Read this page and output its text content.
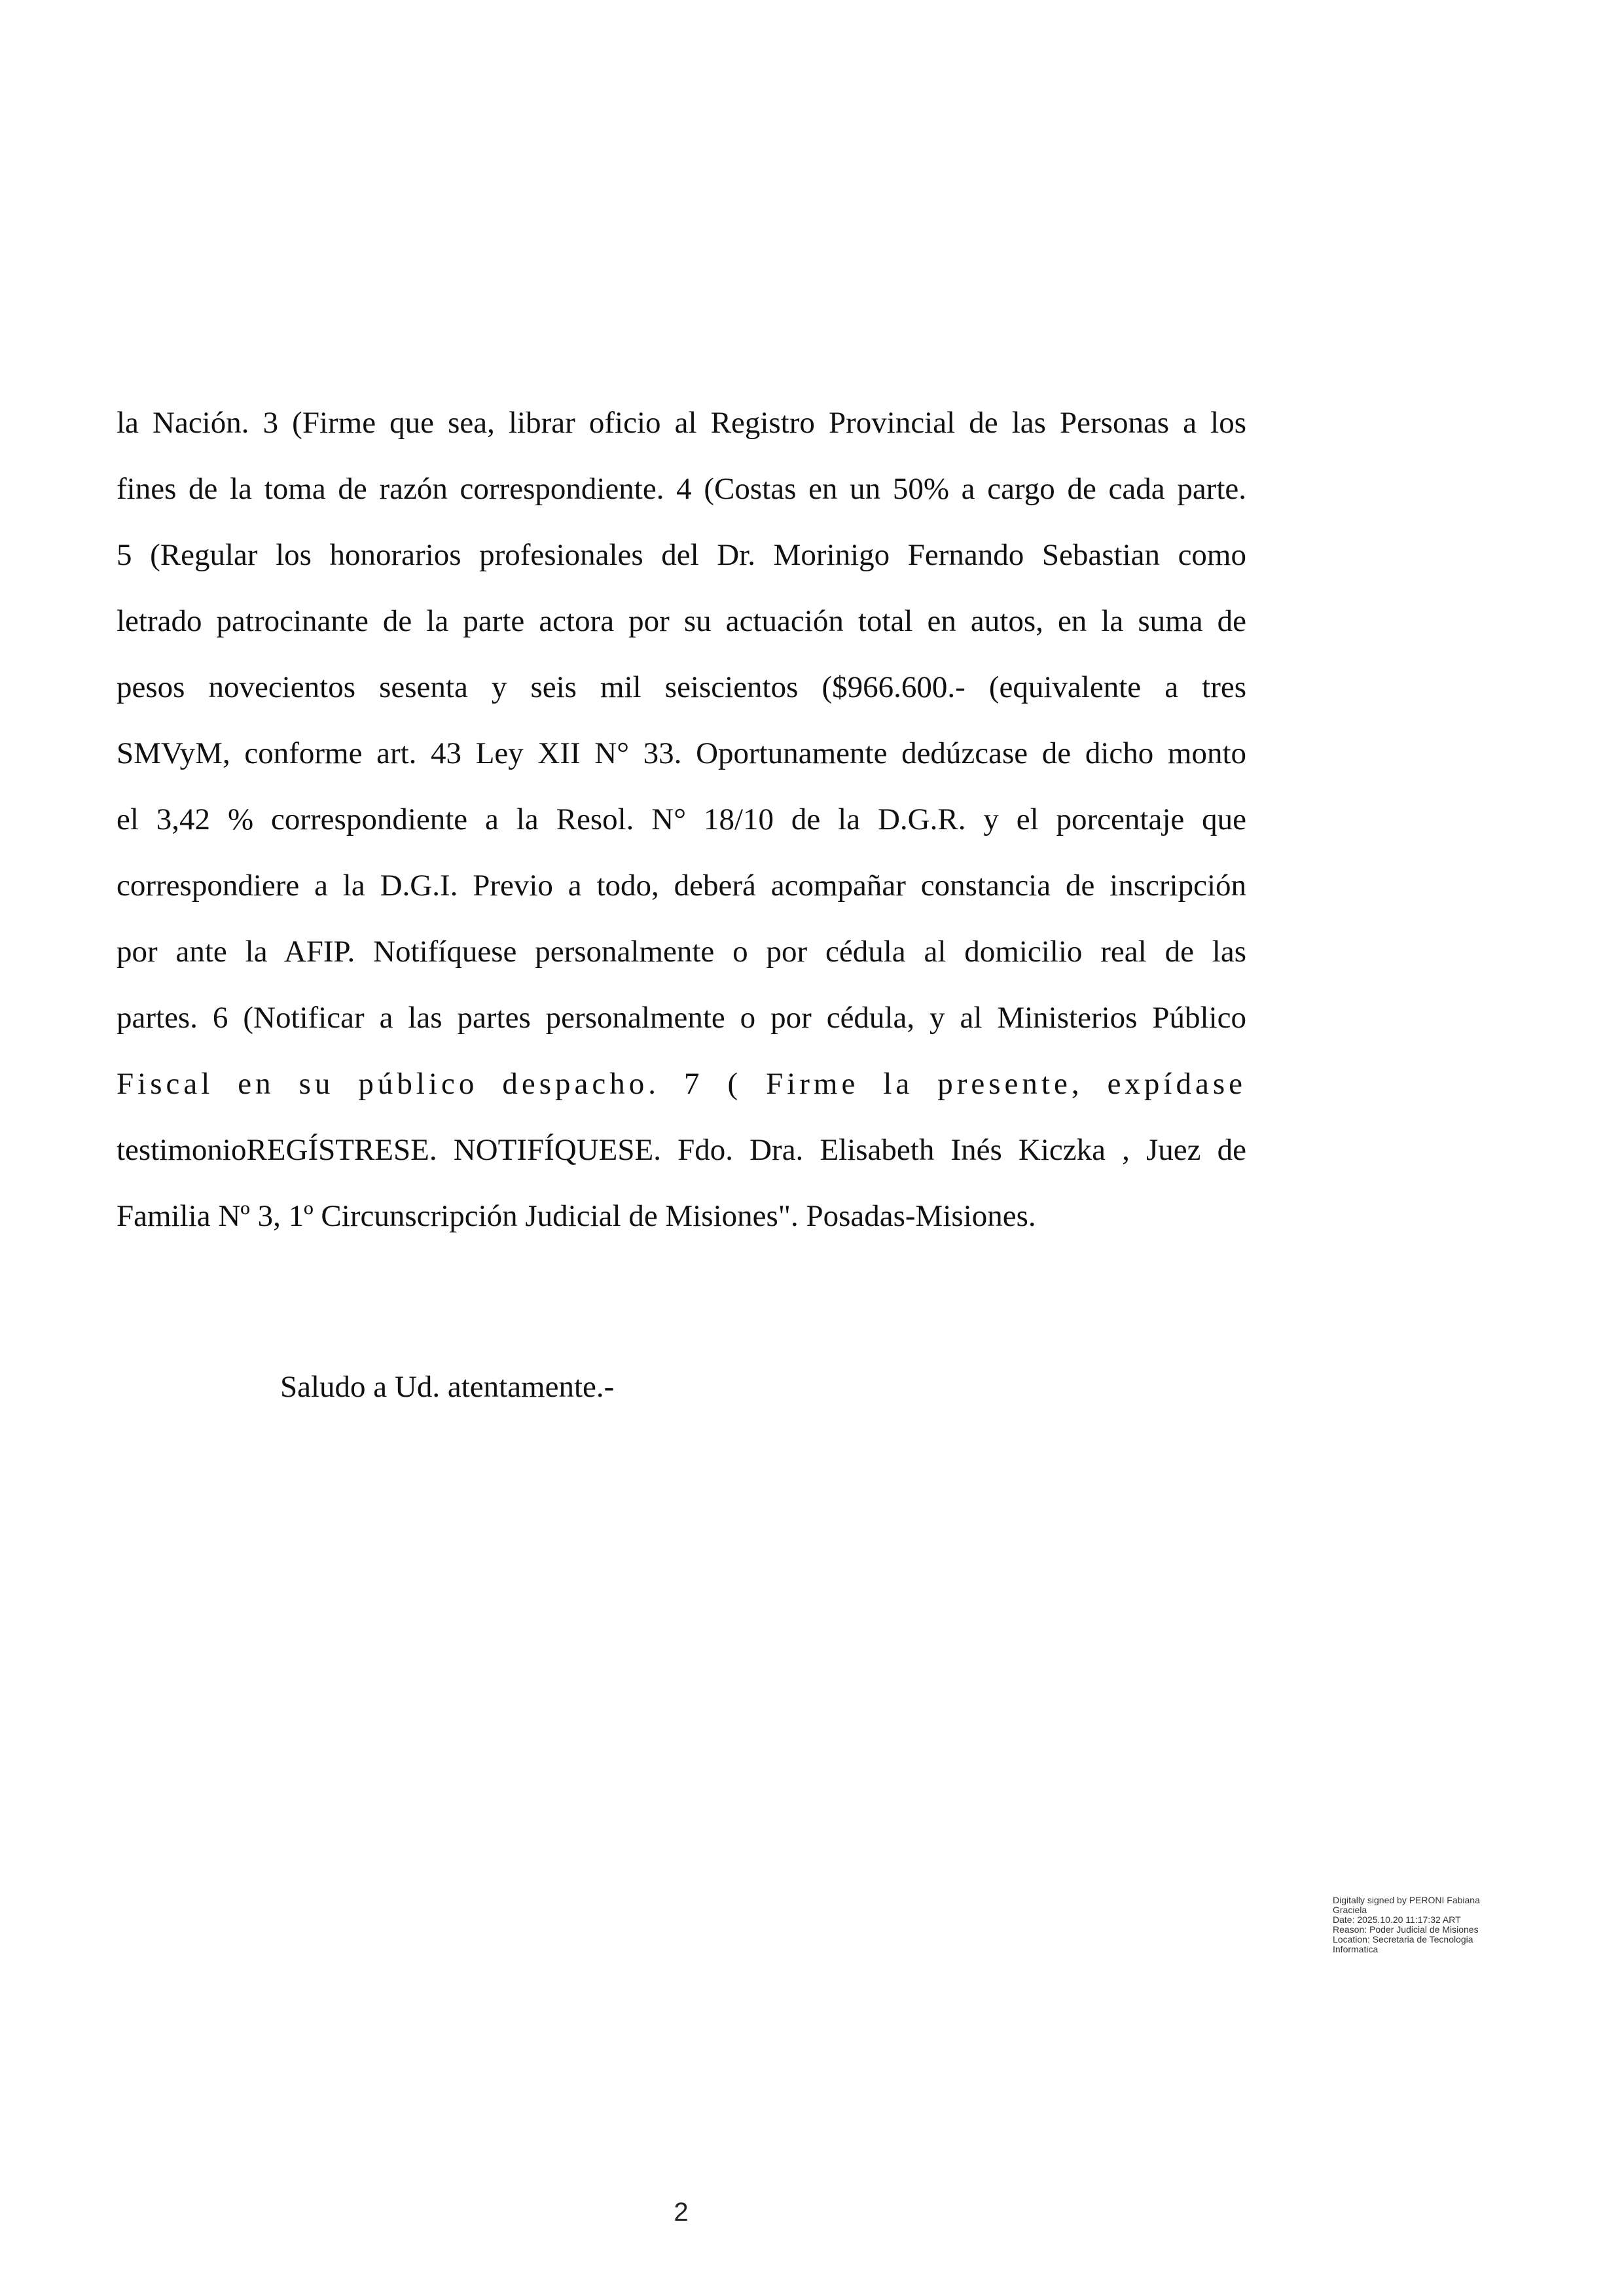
la Nación. 3 (Firme que sea, librar oficio al Registro Provincial de las Personas a los
fines de la toma de razón correspondiente. 4 (Costas en un 50% a cargo de cada parte.
5 (Regular los honorarios profesionales del Dr. Morinigo Fernando Sebastian como
letrado patrocinante de la parte actora por su actuación total en autos, en la suma de
pesos novecientos sesenta y seis mil seiscientos ($966.600.- (equivalente a tres
SMVyM, conforme art. 43 Ley XII N° 33. Oportunamente dedúzcase de dicho monto
el 3,42 % correspondiente a la Resol. N° 18/10 de la D.G.R. y el porcentaje que
correspondiere a la D.G.I. Previo a todo, deberá acompañar constancia de inscripción
por ante la AFIP. Notifíquese personalmente o por cédula al domicilio real de las
partes. 6 (Notificar a las partes personalmente o por cédula, y al Ministerios Público
Fiscal en su público despacho. 7 ( Firme la presente, expídase
testimonioREGÍSTRESE. NOTIFÍQUESE. Fdo. Dra. Elisabeth Inés Kiczka , Juez de
Familia Nº 3, 1º Circunscripción Judicial de Misiones". Posadas-Misiones.
Saludo a Ud. atentamente.-
Digitally signed by PERONI Fabiana
Graciela
Date: 2025.10.20 11:17:32 ART
Reason: Poder Judicial de Misiones
Location: Secretaria de Tecnologia
Informatica
2
